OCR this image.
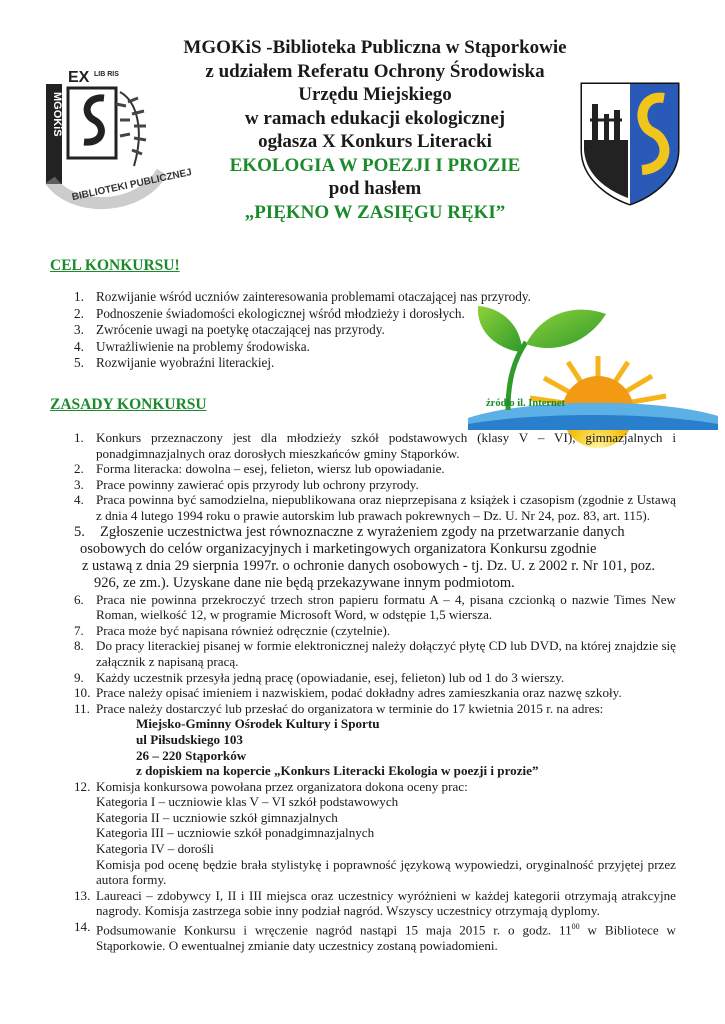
MGOKiS -Biblioteka Publiczna w Stąporkowie
z udziałem Referatu Ochrony Środowiska
Urzędu Miejskiego
w ramach edukacji ekologicznej
ogłasza X Konkurs Literacki
EKOLOGIA W POEZJI I PROZIE
pod hasłem
„PIĘKNO W ZASIĘGU RĘKI”
MGOKiS
EX LIB RIS
BIBLIOTEKI PUBLICZNEJ
CEL KONKURSU!
1. Rozwijanie wśród uczniów zainteresowania problemami otaczającej nas przyrody.
2. Podnoszenie świadomości ekologicznej wśród młodzieży i dorosłych.
3. Zwrócenie uwagi na poetykę otaczającej nas przyrody.
4. Uwrażliwienie na problemy środowiska.
5. Rozwijanie wyobraźni literackiej.
ZASADY KONKURSU	źródło il. Internet
1. Konkurs przeznaczony jest dla młodzieży szkół podstawowych (klasy V – VI), gimnazjalnych i ponadgimnazjalnych oraz dorosłych mieszkańców gminy Stąporków.
2. Forma literacka: dowolna – esej, felieton, wiersz lub opowiadanie.
3. Prace powinny zawierać opis przyrody lub ochrony przyrody.
4. Praca powinna być samodzielna, niepublikowana oraz nieprzepisana z książek i czasopism (zgodnie z Ustawą z dnia 4 lutego 1994 roku o prawie autorskim lub prawach pokrewnych – Dz. U. Nr 24, poz. 83, art. 115).
5. Zgłoszenie uczestnictwa jest równoznaczne z wyrażeniem zgody na przetwarzanie danych
osobowych do celów organizacyjnych i marketingowych organizatora Konkursu zgodnie
z ustawą z dnia 29 sierpnia 1997r. o ochronie danych osobowych - tj. Dz. U. z 2002 r. Nr 101, poz.
926, ze zm.). Uzyskane dane nie będą przekazywane innym podmiotom.
6. Praca nie powinna przekroczyć trzech stron papieru formatu A – 4, pisana czcionką o nazwie Times New Roman, wielkość 12, w programie Microsoft Word, w odstępie 1,5 wiersza.
7. Praca może być napisana również odręcznie (czytelnie).
8. Do pracy literackiej pisanej w formie elektronicznej należy dołączyć płytę CD lub DVD, na której znajdzie się załącznik z napisaną pracą.
9. Każdy uczestnik przesyła jedną pracę (opowiadanie, esej, felieton) lub od 1 do 3 wierszy.
10. Prace należy opisać imieniem i nazwiskiem, podać dokładny adres zamieszkania oraz nazwę szkoły.
11. Prace należy dostarczyć lub przesłać do organizatora w terminie do 17 kwietnia 2015 r. na adres:
Miejsko-Gminny Ośrodek Kultury i Sportu
ul Piłsudskiego 103
26 – 220 Stąporków
z dopiskiem na kopercie „Konkurs Literacki Ekologia w poezji i prozie”
12. Komisja konkursowa powołana przez organizatora dokona oceny prac:
Kategoria I – uczniowie klas V – VI szkół podstawowych
Kategoria II – uczniowie szkół gimnazjalnych
Kategoria III – uczniowie szkół ponadgimnazjalnych
Kategoria IV – dorośli
Komisja pod ocenę będzie brała stylistykę i poprawność językową wypowiedzi, oryginalność przyjętej przez autora formy.
13. Laureaci – zdobywcy I, II i III miejsca oraz uczestnicy wyróżnieni w każdej kategorii otrzymają atrakcyjne nagrody. Komisja zastrzega sobie inny podział nagród. Wszyscy uczestnicy otrzymają dyplomy.
14. Podsumowanie Konkursu i wręczenie nagród nastąpi 15 maja 2015 r. o godz. $11^{00}$ w Bibliotece w Stąporkowie. O ewentualnej zmianie daty uczestnicy zostaną powiadomieni.
